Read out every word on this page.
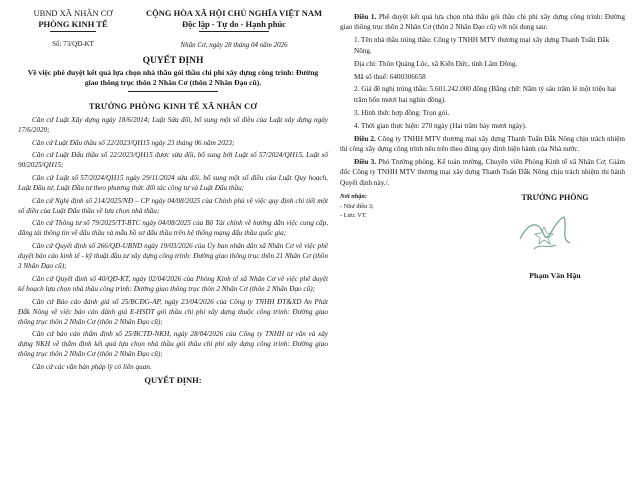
UBND XÃ NHÂN CƠ
PHÒNG KINH TẾ
CỘNG HÒA XÃ HỘI CHỦ NGHĨA VIỆT NAM
Độc lập - Tự do - Hạnh phúc
Số: 73/QĐ-KT	Nhân Cơ, ngày 28 tháng 04 năm 2026
QUYẾT ĐỊNH
Về việc phê duyệt kết quả lựa chọn nhà thầu gói thầu chi phí xây dựng công trình: Đường giao thông trục thôn 2 Nhân Cơ (thôn 2 Nhân Đạo cũ).
TRƯỞNG PHÒNG KINH TẾ XÃ NHÂN CƠ

Căn cứ Luật Xây dựng ngày 18/6/2014; Luật Sửa đổi, bổ sung một số điều của Luật xây dựng ngày 17/6/2020;

Căn cứ Luật Đấu thầu số 22/2023/QH15 ngày 23 tháng 06 năm 2023;

Căn cứ Luật Đấu thầu số 22/2023/QH15 được sửa đổi, bổ sung bởi Luật số 57/2024/QH15, Luật số 90/2025/QH15;

Căn cứ Luật số 57/2024/QH15 ngày 29/11/2024 sửa đổi, bổ sung một số điều của Luật Quy hoạch, Luật Đầu tư, Luật Đầu tư theo phương thức đối tác công tư và Luật Đấu thầu;

Căn cứ Nghị định số 214/2025/NĐ – CP ngày 04/08/2025 của Chính phủ về việc quy định chi tiết một số điều của Luật Đấu thầu về lựa chọn nhà thầu;

Căn cứ Thông tư số 79/2025/TT-BTC ngày 04/08/2025 của Bộ Tài chính về hướng dẫn việc cung cấp, đăng tải thông tin về đấu thầu và mẫu hồ sơ đấu thầu trên hệ thống mạng đấu thầu quốc gia;

Căn cứ Quyết định số 266/QĐ-UBND ngày 19/03/2026 của Ủy ban nhân dân xã Nhân Cơ về việc phê duyệt báo cáo kinh tế - kỹ thuật đầu tư xây dựng công trình: Đường giao thông trục thôn 21 Nhân Cơ (thôn 3 Nhân Đạo cũ);

Căn cứ Quyết định số 40/QĐ-KT, ngày 02/04/2026 của Phòng Kinh tế xã Nhân Cơ về việc phê duyệt kế hoạch lựa chọn nhà thầu công trình: Đường giao thông trục thôn 2 Nhân Cơ (thôn 2 Nhân Đạo cũ);

Căn cứ Báo cáo đánh giá số 25/BCĐG-AP, ngày 23/04/2026 của Công ty TNHH ĐT&XD An Phát Đắk Nông về việc báo cáo đánh giá E-HSDT gói thầu chi phí xây dựng thuộc công trình: Đường giao thông trục thôn 2 Nhân Cơ (thôn 2 Nhân Đạo cũ);

Căn cứ báo cáo thẩm định số 25/BCTĐ-NKH, ngày 28/04/2026 của Công ty TNHH tư vấn và xây dựng NKH về thẩm định kết quả lựa chọn nhà thầu gói thầu chi phí xây dựng công trình: Đường giao thông trục thôn 2 Nhân Cơ (thôn 2 Nhân Đạo cũ);

Căn cứ các văn bản pháp lý có liên quan.

QUYẾT ĐỊNH:

Điều 1. Phê duyệt kết quả lựa chọn nhà thầu gói thầu chi phí xây dựng công trình: Đường giao thông trục thôn 2 Nhân Cơ (thôn 2 Nhân Đạo cũ) với nội dung sau:

1. Tên nhà thầu trúng thầu: Công ty TNHH MTV thương mại xây dựng Thanh Tuấn Đắk Nông.

Địa chỉ: Thôn Quảng Lộc, xã Kiến Đức, tỉnh Lâm Đồng.

Mã số thuế: 6400306658

2. Giá đề nghị trúng thầu: 5.601.242.000 đồng (Bằng chữ: Năm tỷ sáu trăm lẻ một triệu hai trăm bốn mươi hai nghìn đồng).

3. Hình thức hợp đồng: Trọn gói.

4. Thời gian thực hiện: 270 ngày (Hai trăm bảy mươi ngày).

Điều 2. Công ty TNHH MTV thương mại xây dựng Thanh Tuấn Đắk Nông chịu trách nhiệm thi công xây dựng công trình nêu trên theo đúng quy định hiện hành của Nhà nước.

Điều 3. Phó Trưởng phòng, Kế toán trường, Chuyên viên Phòng Kinh tế xã Nhân Cơ; Giám đốc Công ty TNHH MTV thương mại xây dựng Thanh Tuấn Đắk Nông chịu trách nhiệm thi hành Quyết định này./.

Nơi nhận:
- Như điều 3;
- Lưu: VT.
TRƯỞNG PHÒNG
Phạm Văn Hậu
